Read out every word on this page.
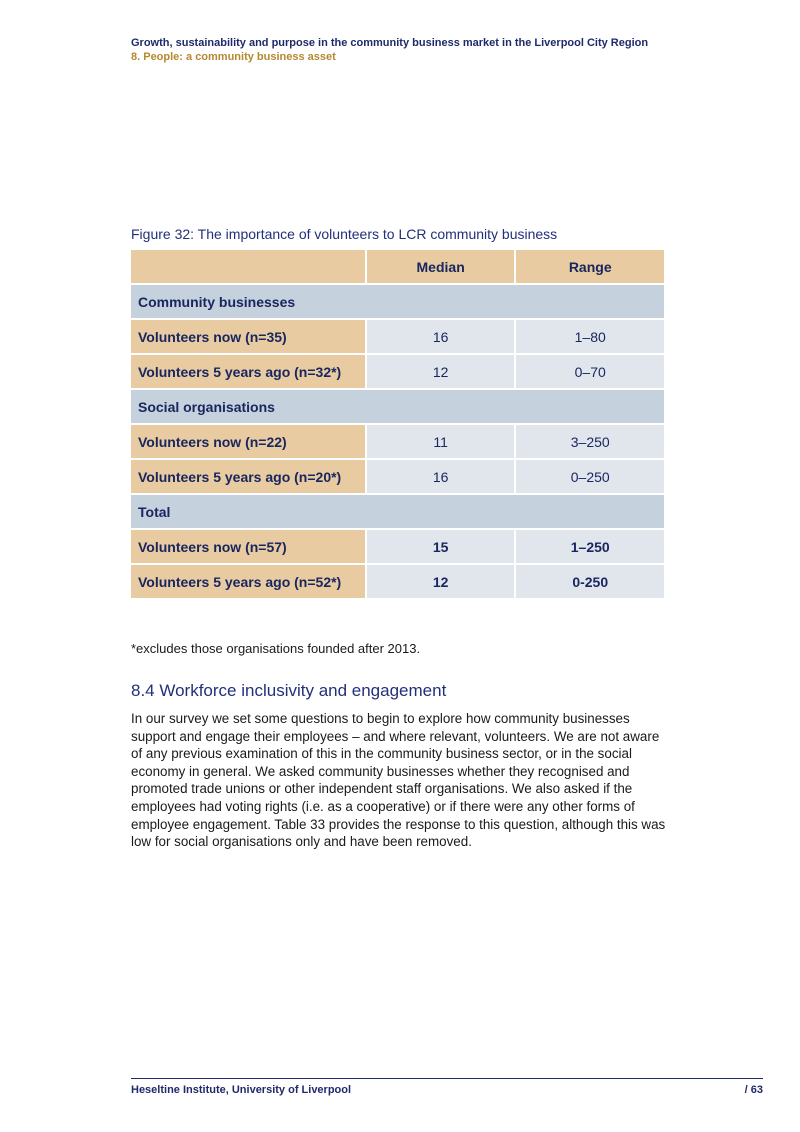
Growth, sustainability and purpose in the community business market in the Liverpool City Region
8. People: a community business asset
Figure 32: The importance of volunteers to LCR community business
	Median	Range
Community businesses		
Volunteers now (n=35)	16	1–80
Volunteers 5 years ago (n=32*)	12	0–70
Social organisations		
Volunteers now (n=22)	11	3–250
Volunteers 5 years ago (n=20*)	16	0–250
Total		
Volunteers now (n=57)	15	1–250
Volunteers 5 years ago (n=52*)	12	0-250
*excludes those organisations founded after 2013.
8.4 Workforce inclusivity and engagement

In our survey we set some questions to begin to explore how community businesses support and engage their employees – and where relevant, volunteers. We are not aware of any previous examination of this in the community business sector, or in the social economy in general. We asked community businesses whether they recognised and promoted trade unions or other independent staff organisations. We also asked if the employees had voting rights (i.e. as a cooperative) or if there were any other forms of employee engagement. Table 33 provides the response to this question, although this was low for social organisations only and have been removed.

Heseltine Institute, University of Liverpool	/ 63
